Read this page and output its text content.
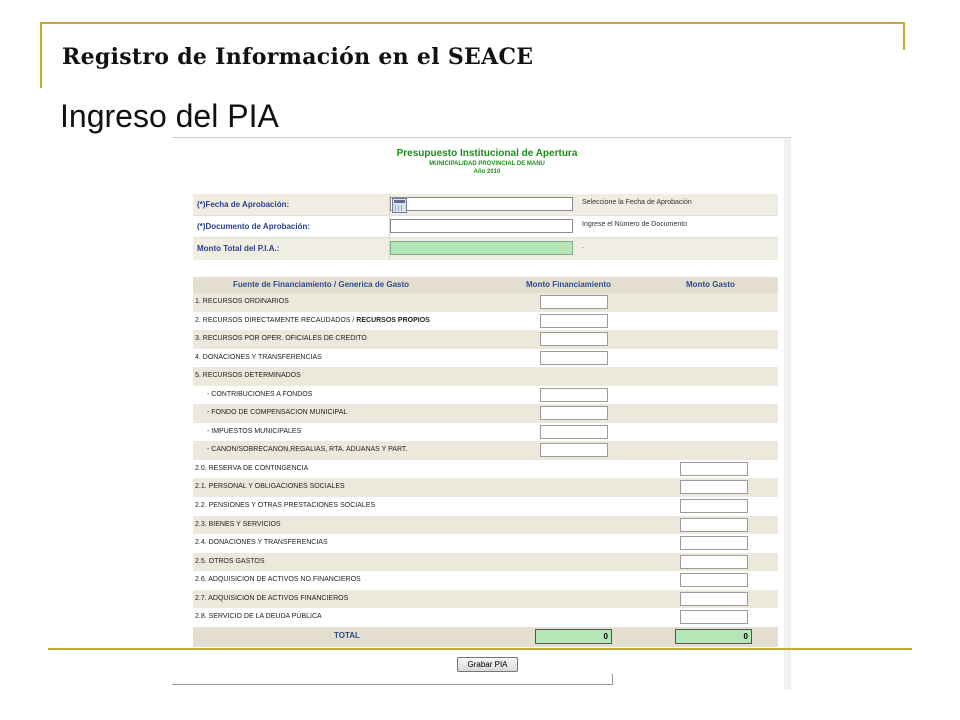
Registro de Información en el SEACE
Ingreso del PIA
Presupuesto Institucional de Apertura
MUNICIPALIDAD PROVINCIAL DE MANU
Año 2010
(*)Fecha de Aprobación:	Seleccione la Fecha de Aprobación
(*)Documento de Aprobación:	Ingrese el Número de Documento
Monto Total del P.I.A.:	.
Fuente de Financiamiento / Generica de Gasto	Monto Financiamiento	Monto Gasto
1. RECURSOS ORDINARIOS
2. RECURSOS DIRECTAMENTE RECAUDADOS / RECURSOS PROPIOS
3. RECURSOS POR OPER. OFICIALES DE CREDITO
4. DONACIONES Y TRANSFERENCIAS
5. RECURSOS DETERMINADOS
- CONTRIBUCIONES A FONDOS
- FONDO DE COMPENSACION MUNICIPAL
- IMPUESTOS MUNICIPALES
- CANON/SOBRECANON,REGALIAS, RTA. ADUANAS Y PART.
2.0. RESERVA DE CONTINGENCIA
2.1. PERSONAL Y OBLIGACIONES SOCIALES
2.2. PENSIONES Y OTRAS PRESTACIONES SOCIALES
2.3. BIENES Y SERVICIOS
2.4. DONACIONES Y TRANSFERENCIAS
2.5. OTROS GASTOS
2.6. ADQUISICION DE ACTIVOS NO FINANCIEROS
2.7. ADQUISICION DE ACTIVOS FINANCIEROS
2.8. SERVICIO DE LA DEUDA PÚBLICA
TOTAL	0	0
Grabar PIA
